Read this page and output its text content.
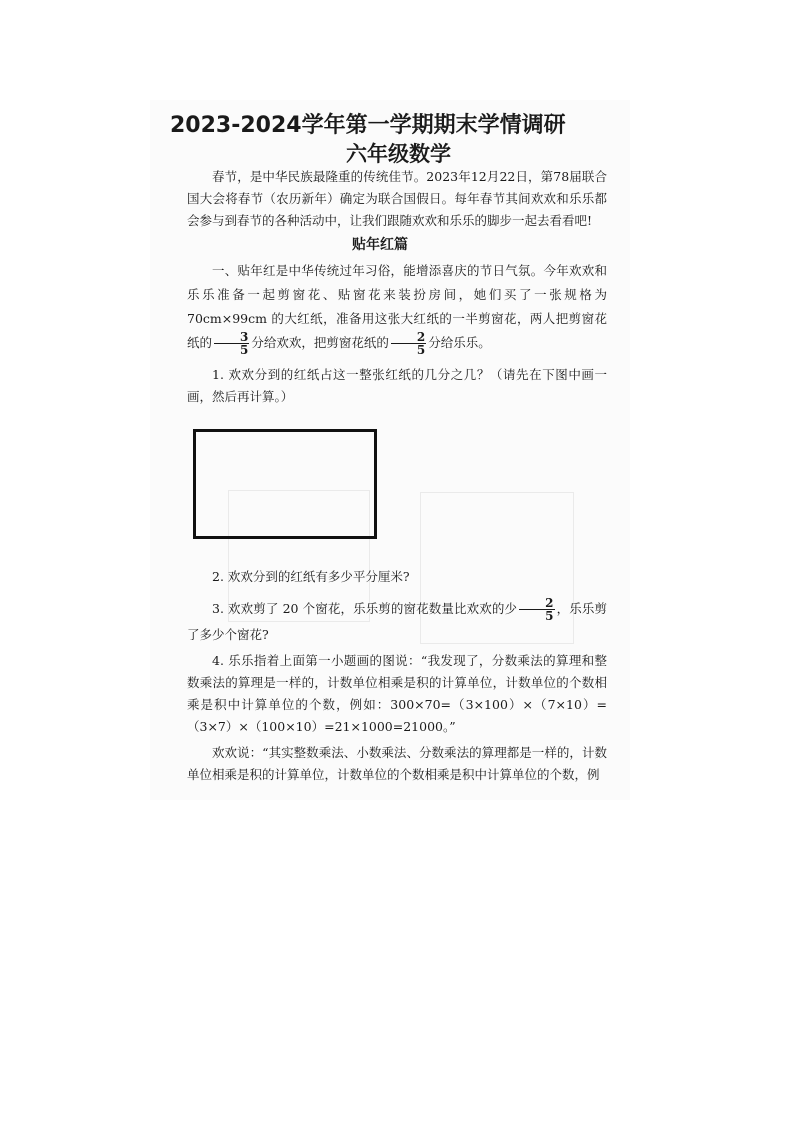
2023-2024学年第一学期期末学情调研
六年级数学
春节，是中华民族最隆重的传统佳节。2023年12月22日，第78届联合国大会将春节（农历新年）确定为联合国假日。每年春节其间欢欢和乐乐都会参与到春节的各种活动中，让我们跟随欢欢和乐乐的脚步一起去看看吧!
贴年红篇
一、贴年红是中华传统过年习俗，能增添喜庆的节日气氛。今年欢欢和乐乐准备一起剪窗花、贴窗花来装扮房间，她们买了一张规格为 70cm×99cm 的大红纸，准备用这张大红纸的一半剪窗花，两人把剪窗花纸的 $\frac{3}{5}$ 分给欢欢，把剪窗花纸的 $\frac{2}{5}$ 分给乐乐。
1. 欢欢分到的红纸占这一整张红纸的几分之几？（请先在下图中画一画，然后再计算。）
2. 欢欢分到的红纸有多少平分厘米?
3. 欢欢剪了 20 个窗花，乐乐剪的窗花数量比欢欢的少 $\frac{2}{5}$ ，乐乐剪了多少个窗花?
4. 乐乐指着上面第一小题画的图说：“我发现了，分数乘法的算理和整数乘法的算理是一样的，计数单位相乘是积的计算单位，计数单位的个数相乘是积中计算单位的个数，例如：300×70=（3×100）×（7×10）=（3×7）×（100×10）=21×1000=21000。”
欢欢说：“其实整数乘法、小数乘法、分数乘法的算理都是一样的，计数单位相乘是积的计算单位，计数单位的个数相乘是积中计算单位的个数，例
